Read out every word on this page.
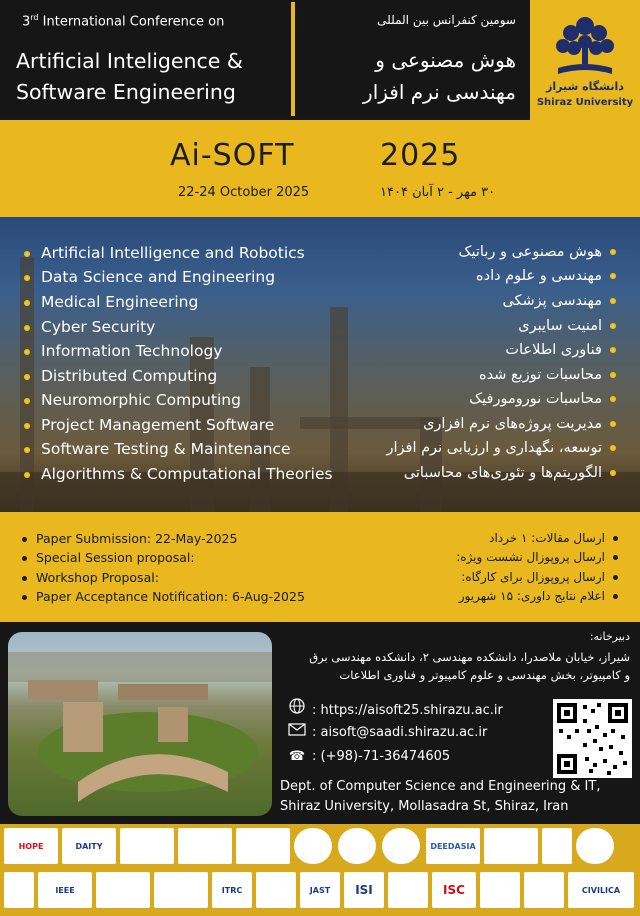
3rd International Conference on
Artificial Inteligence &
Software Engineering
سومین کنفرانس بین المللی
هوش مصنوعی و
مهندسی نرم افزار	دانشگاه شیراز
Shiraz University
Ai-SOFT
22-24 October 2025
2025
۳۰ مهر - ۲ آبان ۱۴۰۴
Artificial Intelligence and Robotics
Data Science and Engineering
Medical Engineering
Cyber Security
Information Technology
Distributed Computing
Neuromorphic Computing
Project Management Software
Software Testing & Maintenance
Algorithms & Computational Theories
هوش مصنوعی و رباتیک
مهندسی و علوم داده
مهندسی پزشکی
امنیت سایبری
فناوری اطلاعات
محاسبات توزیع شده
محاسبات نورومورفیک
مدیریت پروژه‌های نرم افزاری
توسعه، نگهداری و ارزیابی نرم افزار
الگوریتم‌ها و تئوری‌های محاسباتی
Paper Submission: 22-May-2025
Special Session proposal:
Workshop Proposal:
Paper Acceptance Notification: 6-Aug-2025
ارسال مقالات: ۱ خرداد
ارسال پروپوزال نشست ویژه:
ارسال پروپوزال برای کارگاه:
اعلام نتایج داوری: ۱۵ شهریور
دبیرخانه:
شیراز، خیابان ملاصدرا، دانشکده مهندسی ۲، دانشکده مهندسی برق
و کامپیوتر، بخش مهندسی و علوم کامپیوتر و فناوری اطلاعات
: https://aisoft25.shirazu.ac.ir
: aisoft@saadi.shirazu.ac.ir
☎ : (+98)-71-36474605
Dept. of Computer Science and Engineering & IT,
Shiraz University, Mollasadra St, Shiraz, Iran
HOPE	DAITY	DEEDASIA
IEEE	ITRC	JAST	ISI	ISC	CIVILICA
